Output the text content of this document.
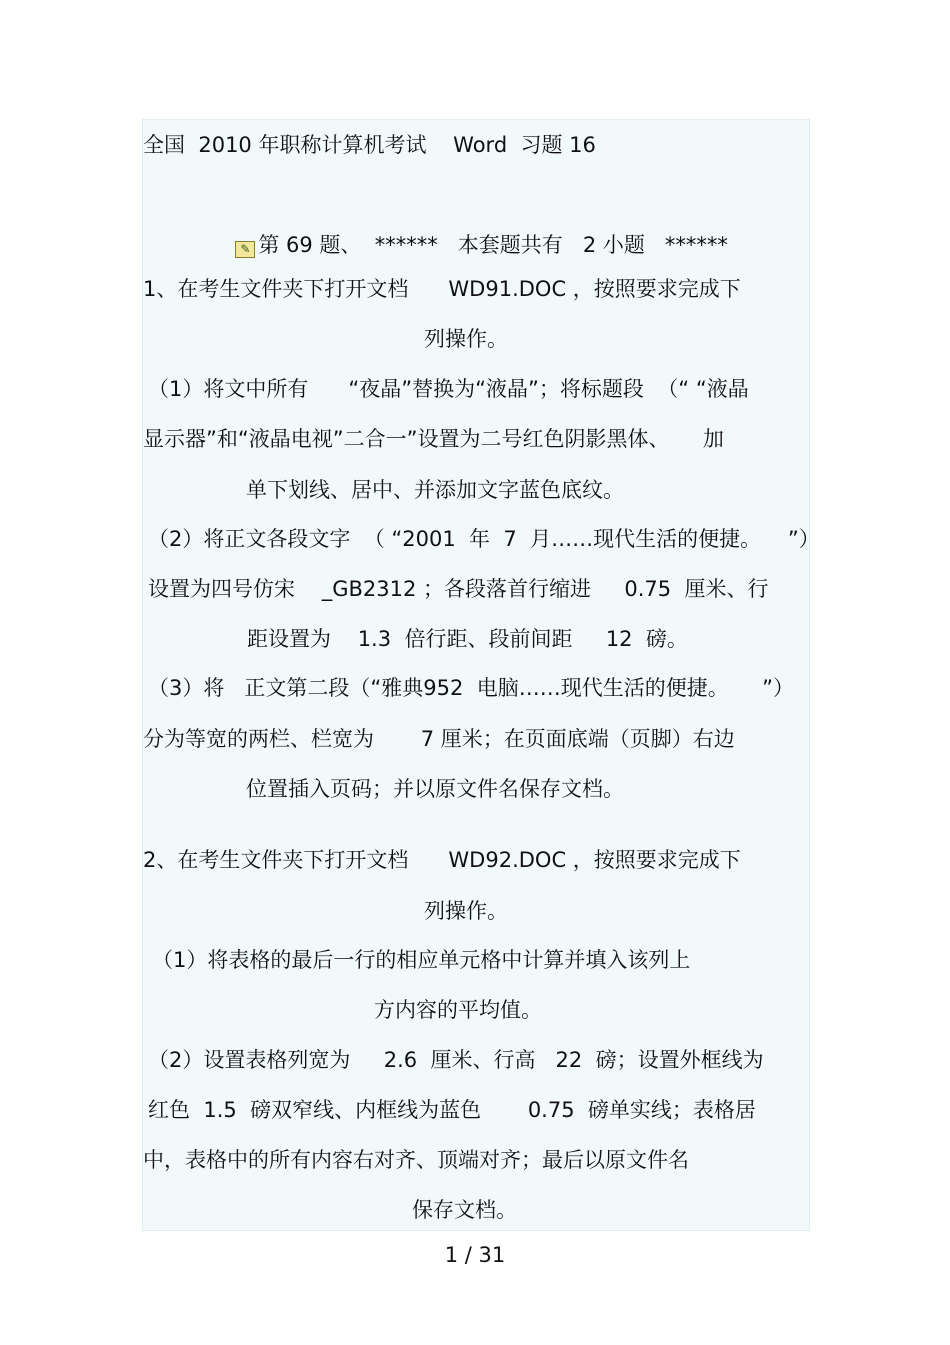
全国  2010 年职称计算机考试    Word  习题 16

✎ 第 69 题、  ******   本套题共有   2 小题   ******

1、在考生文件夹下打开文档      WD91.DOC ，按照要求完成下
列操作。
（1）将文中所有      “夜晶”替换为“液晶”；将标题段  （“ “液晶
显示器”和“液晶电视”二合一”设置为二号红色阴影黑体、     加
单下划线、居中、并添加文字蓝色底纹。
（2）将正文各段文字  （ “2001  年  7  月……现代生活的便捷。    ”）
设置为四号仿宋    _GB2312 ；各段落首行缩进     0.75  厘米、行
距设置为    1.3  倍行距、段前间距     12  磅。
（3）将   正文第二段（“雅典952  电脑……现代生活的便捷。     ”）
分为等宽的两栏、栏宽为       7 厘米；在页面底端（页脚）右边
位置插入页码；并以原文件名保存文档。
2、在考生文件夹下打开文档      WD92.DOC ，按照要求完成下
列操作。
（1）将表格的最后一行的相应单元格中计算并填入该列上
方内容的平均值。
（2）设置表格列宽为     2.6  厘米、行高   22  磅；设置外框线为
红色  1.5  磅双窄线、内框线为蓝色       0.75  磅单实线；表格居
中，表格中的所有内容右对齐、顶端对齐；最后以原文件名
保存文档。
1 / 31
